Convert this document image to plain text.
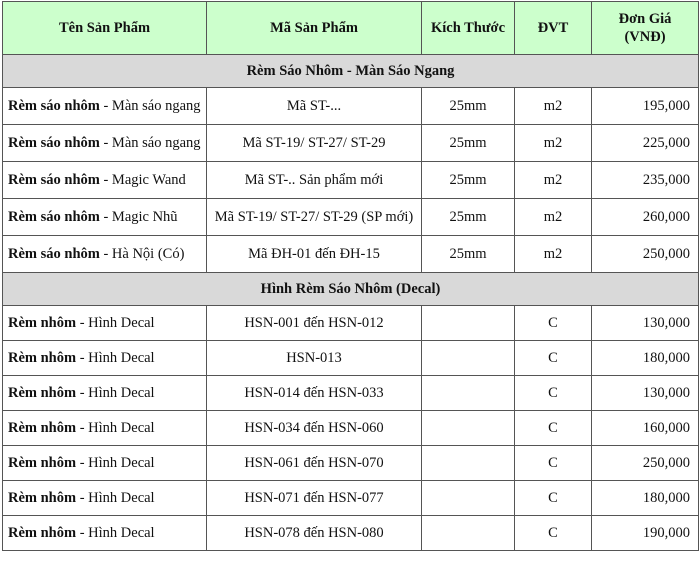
Tên Sản Phẩm	Mã Sản Phẩm	Kích Thước	ĐVT	Đơn Giá (VNĐ)
Rèm Sáo Nhôm - Màn Sáo Ngang				
Rèm sáo nhôm - Màn sáo ngang	Mã ST-...	25mm	m2	195,000
Rèm sáo nhôm - Màn sáo ngang	Mã ST-19/ ST-27/ ST-29	25mm	m2	225,000
Rèm sáo nhôm - Magic Wand	Mã ST-.. Sản phẩm mới	25mm	m2	235,000
Rèm sáo nhôm - Magic Nhũ	Mã ST-19/ ST-27/ ST-29 (SP mới)	25mm	m2	260,000
Rèm sáo nhôm - Hà Nội (Có)	Mã ĐH-01 đến ĐH-15	25mm	m2	250,000
Hình Rèm Sáo Nhôm (Decal)				
Rèm nhôm - Hình Decal	HSN-001 đến HSN-012		C	130,000
Rèm nhôm - Hình Decal	HSN-013		C	180,000
Rèm nhôm - Hình Decal	HSN-014 đến HSN-033		C	130,000
Rèm nhôm - Hình Decal	HSN-034 đến HSN-060		C	160,000
Rèm nhôm - Hình Decal	HSN-061 đến HSN-070		C	250,000
Rèm nhôm - Hình Decal	HSN-071 đến HSN-077		C	180,000
Rèm nhôm - Hình Decal	HSN-078 đến HSN-080		C	190,000
